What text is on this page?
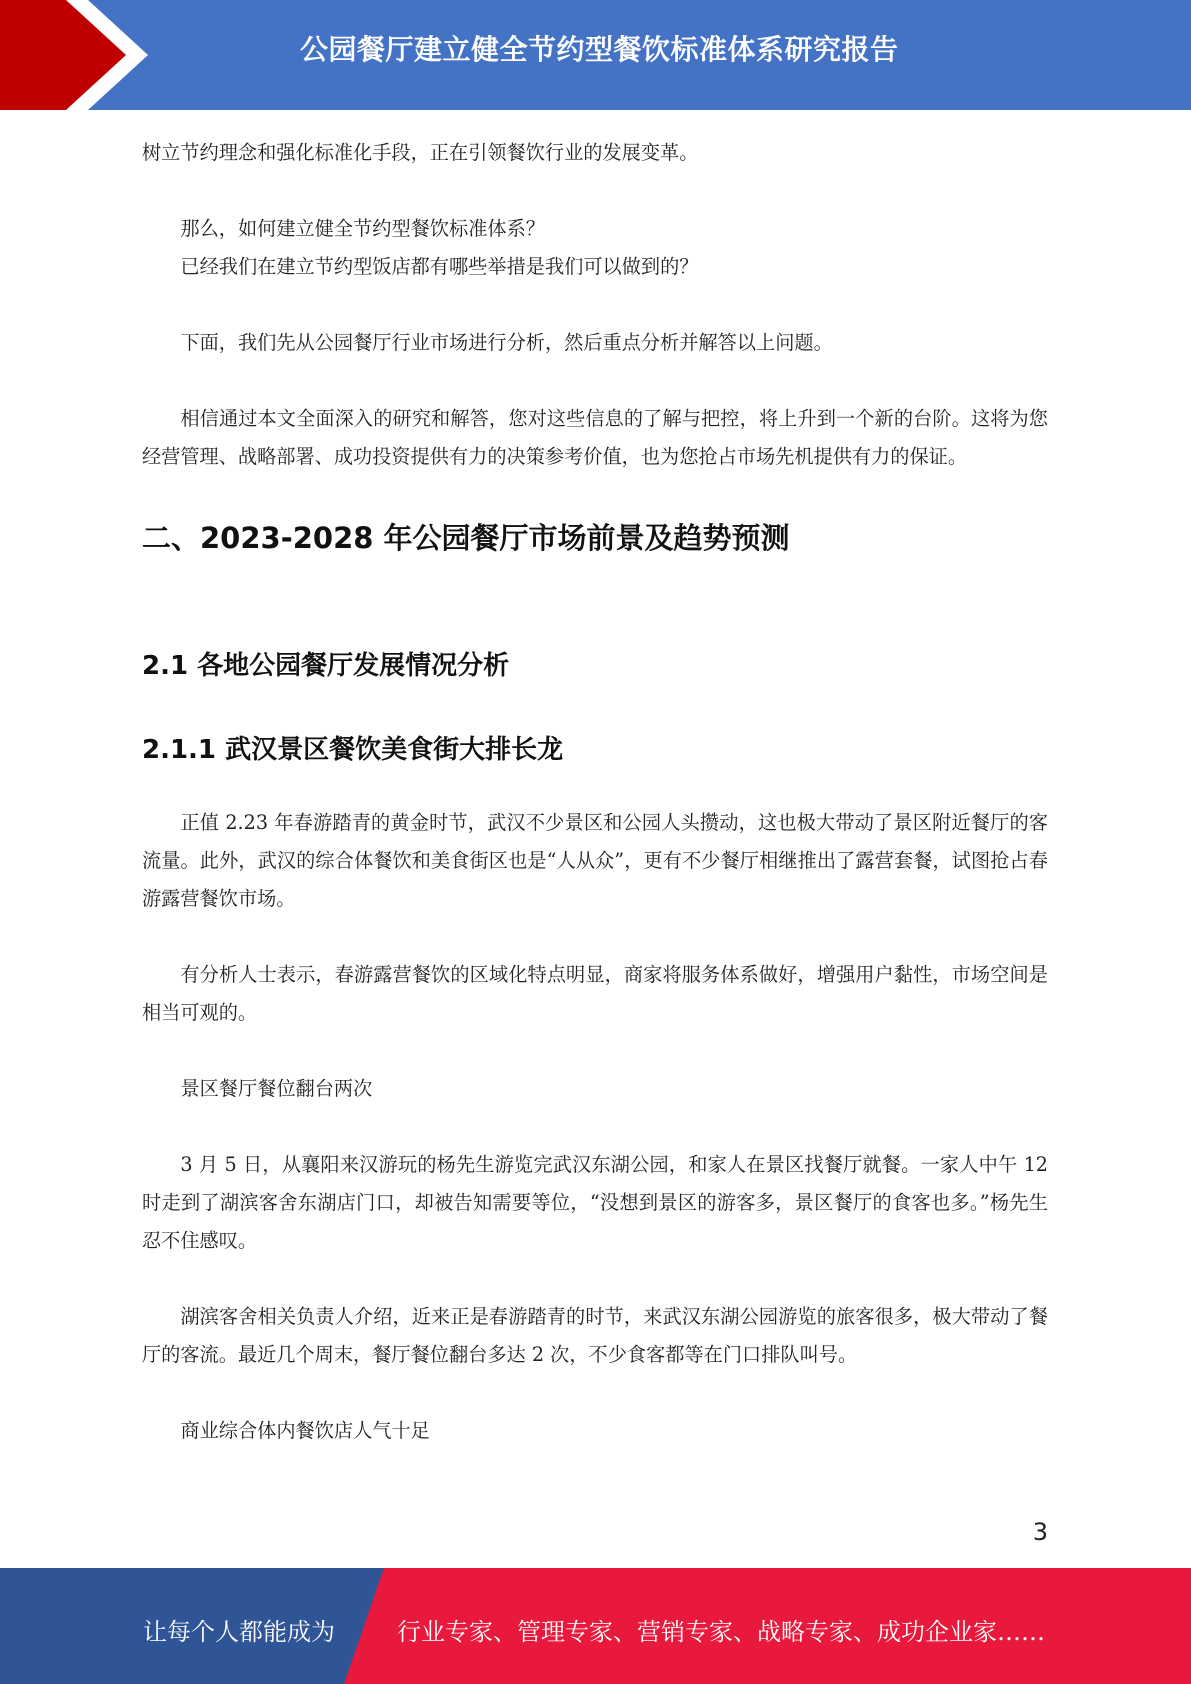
公园餐厅建立健全节约型餐饮标准体系研究报告

树立节约理念和强化标准化手段，正在引领餐饮行业的发展变革。

那么，如何建立健全节约型餐饮标准体系？

已经我们在建立节约型饭店都有哪些举措是我们可以做到的？

下面，我们先从公园餐厅行业市场进行分析，然后重点分析并解答以上问题。

相信通过本文全面深入的研究和解答，您对这些信息的了解与把控，将上升到一个新的台阶。这将为您经营管理、战略部署、成功投资提供有力的决策参考价值，也为您抢占市场先机提供有力的保证。

二、2023-2028 年公园餐厅市场前景及趋势预测
2.1 各地公园餐厅发展情况分析
2.1.1 武汉景区餐饮美食街大排长龙

正值 2.23 年春游踏青的黄金时节，武汉不少景区和公园人头攒动，这也极大带动了景区附近餐厅的客流量。此外，武汉的综合体餐饮和美食街区也是“人从众”，更有不少餐厅相继推出了露营套餐，试图抢占春游露营餐饮市场。

有分析人士表示，春游露营餐饮的区域化特点明显，商家将服务体系做好，增强用户黏性，市场空间是相当可观的。

景区餐厅餐位翻台两次

3 月 5 日，从襄阳来汉游玩的杨先生游览完武汉东湖公园，和家人在景区找餐厅就餐。一家人中午 12 时走到了湖滨客舍东湖店门口，却被告知需要等位，“没想到景区的游客多，景区餐厅的食客也多。”杨先生忍不住感叹。

湖滨客舍相关负责人介绍，近来正是春游踏青的时节，来武汉东湖公园游览的旅客很多，极大带动了餐厅的客流。最近几个周末，餐厅餐位翻台多达 2 次，不少食客都等在门口排队叫号。

商业综合体内餐饮店人气十足

3
让每个人都能成为	行业专家、管理专家、营销专家、战略专家、成功企业家……
